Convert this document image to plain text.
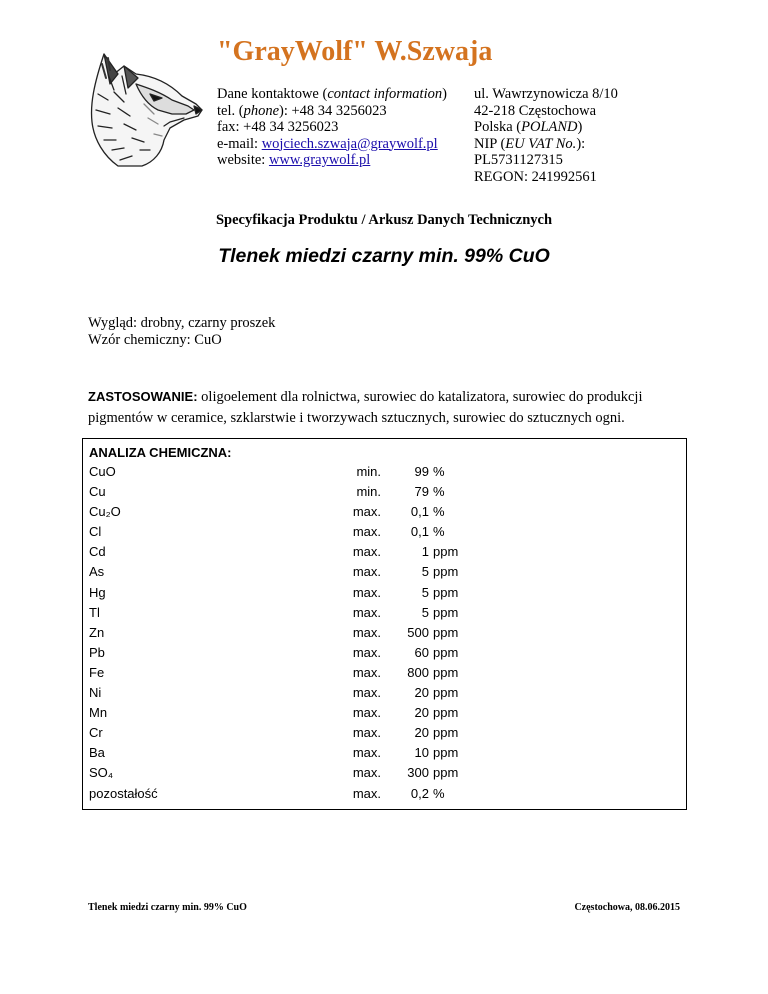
"GrayWolf" W.Szwaja
Dane kontaktowe (contact information)
tel. (phone): +48 34 3256023
fax: +48 34 3256023
e-mail: wojciech.szwaja@graywolf.pl
website: www.graywolf.pl
ul. Wawrzynowicza 8/10
42-218 Częstochowa
Polska (POLAND)
NIP (EU VAT No.):
PL5731127315
REGON: 241992561
Specyfikacja Produktu / Arkusz Danych Technicznych
Tlenek miedzi czarny min. 99% CuO
Wygląd: drobny, czarny proszek
Wzór chemiczny: CuO
ZASTOSOWANIE: oligoelement dla rolnictwa, surowiec do katalizatora, surowiec do produkcji pigmentów w ceramice, szklarstwie i tworzywach sztucznych, surowiec do sztucznych ogni.
ANALIZA CHEMICZNA:
CuO	min.	99 %
Cu	min.	79 %
Cu₂O	max.	0,1 %
Cl	max.	0,1 %
Cd	max.	1 ppm
As	max.	5 ppm
Hg	max.	5 ppm
Tl	max.	5 ppm
Zn	max.	500 ppm
Pb	max.	60 ppm
Fe	max.	800 ppm
Ni	max.	20 ppm
Mn	max.	20 ppm
Cr	max.	20 ppm
Ba	max.	10 ppm
SO₄	max.	300 ppm
pozostałość	max.	0,2 %
Tlenek miedzi czarny min. 99% CuO	Częstochowa, 08.06.2015
